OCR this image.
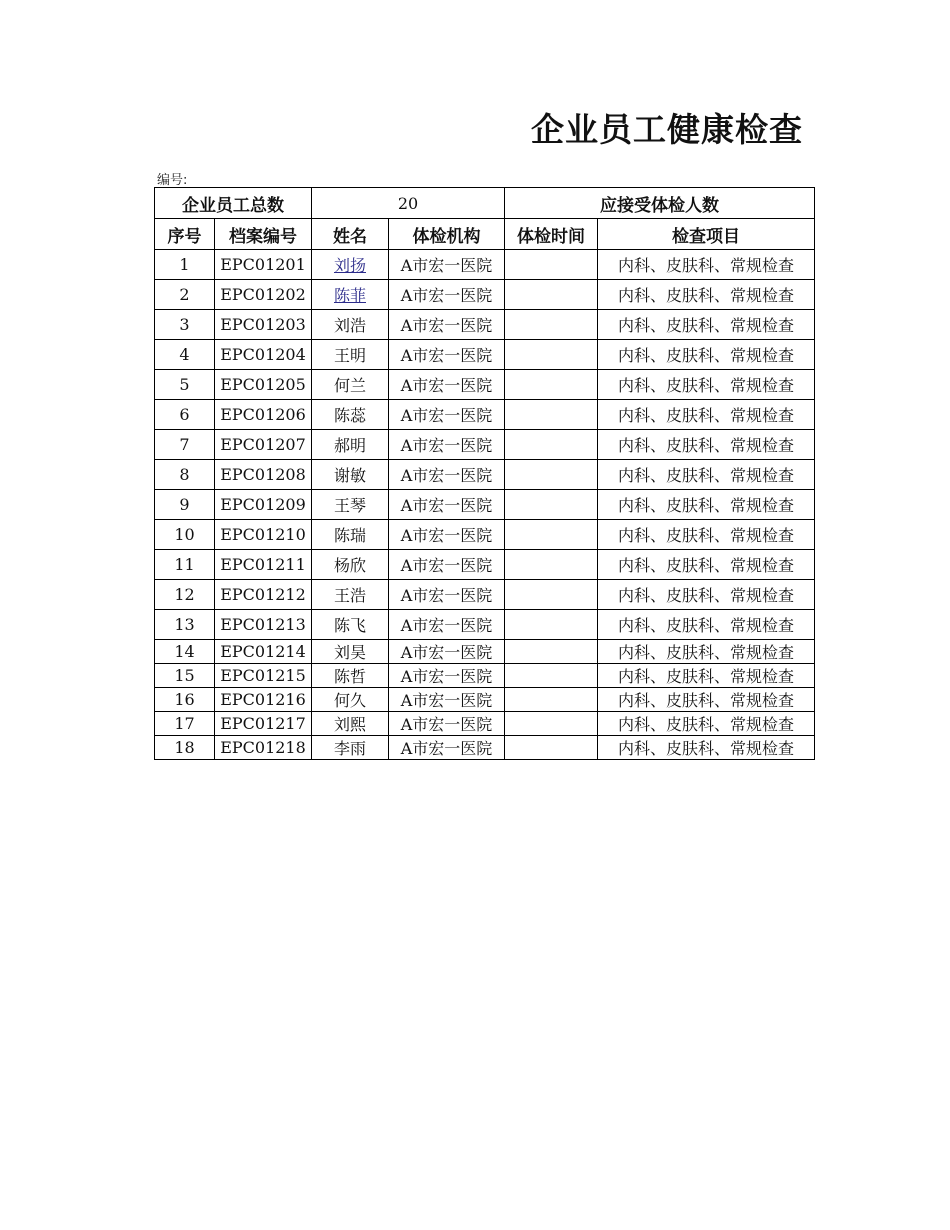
企业员工健康检查
编号:
企业员工总数		20		应接受体检人数	
序号	档案编号	姓名	体检机构	体检时间	检查项目
1	EPC01201	刘扬	A市宏一医院		内科、皮肤科、常规检查
2	EPC01202	陈菲	A市宏一医院		内科、皮肤科、常规检查
3	EPC01203	刘浩	A市宏一医院		内科、皮肤科、常规检查
4	EPC01204	王明	A市宏一医院		内科、皮肤科、常规检查
5	EPC01205	何兰	A市宏一医院		内科、皮肤科、常规检查
6	EPC01206	陈蕊	A市宏一医院		内科、皮肤科、常规检查
7	EPC01207	郝明	A市宏一医院		内科、皮肤科、常规检查
8	EPC01208	谢敏	A市宏一医院		内科、皮肤科、常规检查
9	EPC01209	王琴	A市宏一医院		内科、皮肤科、常规检查
10	EPC01210	陈瑞	A市宏一医院		内科、皮肤科、常规检查
11	EPC01211	杨欣	A市宏一医院		内科、皮肤科、常规检查
12	EPC01212	王浩	A市宏一医院		内科、皮肤科、常规检查
13	EPC01213	陈飞	A市宏一医院		内科、皮肤科、常规检查
14	EPC01214	刘昊	A市宏一医院		内科、皮肤科、常规检查
15	EPC01215	陈哲	A市宏一医院		内科、皮肤科、常规检查
16	EPC01216	何久	A市宏一医院		内科、皮肤科、常规检查
17	EPC01217	刘熙	A市宏一医院		内科、皮肤科、常规检查
18	EPC01218	李雨	A市宏一医院		内科、皮肤科、常规检查
